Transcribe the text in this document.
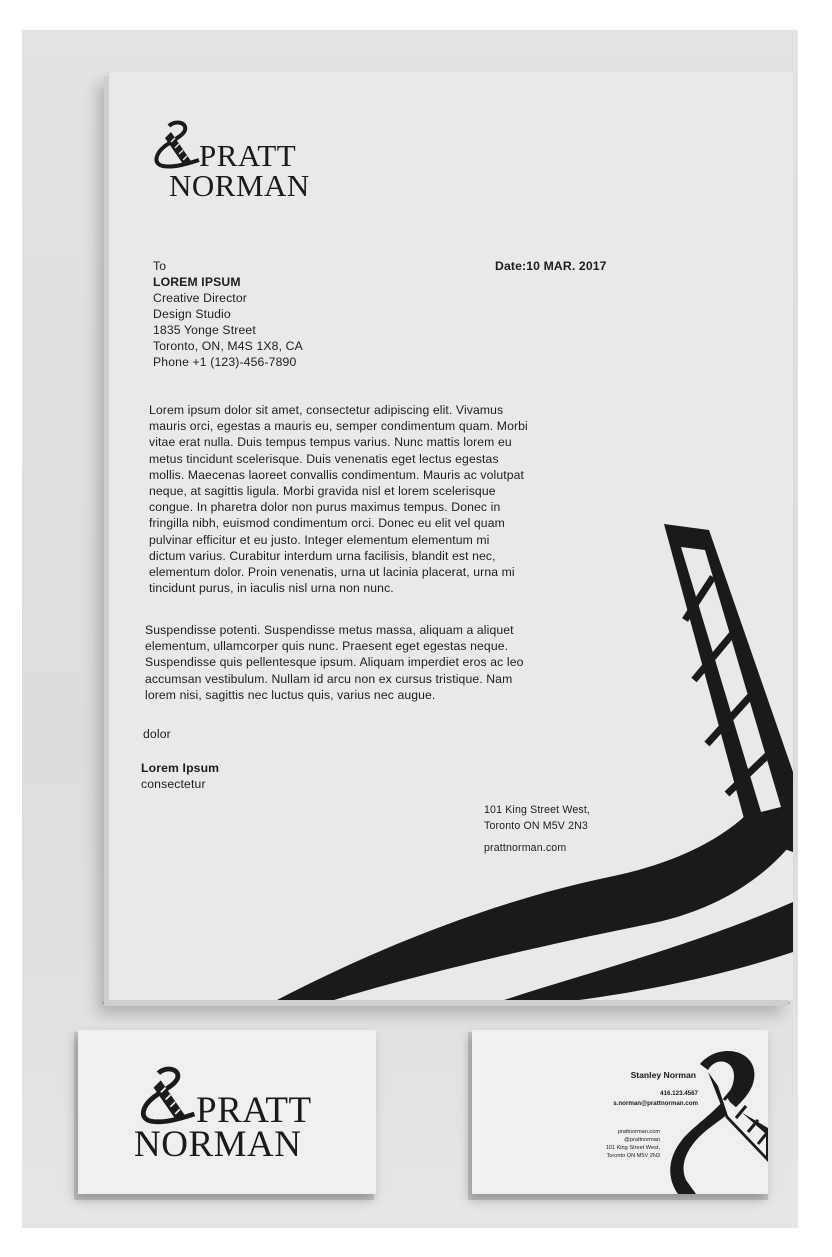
PRATT
NORMAN
To
LOREM IPSUM
Creative Director
Design Studio
1835 Yonge Street
Toronto, ON, M4S 1X8, CA
Phone +1 (123)-456-7890
Date:10 MAR. 2017
Lorem ipsum dolor sit amet, consectetur adipiscing elit. Vivamus
mauris orci, egestas a mauris eu, semper condimentum quam. Morbi
vitae erat nulla. Duis tempus tempus varius. Nunc mattis lorem eu
metus tincidunt scelerisque. Duis venenatis eget lectus egestas
mollis. Maecenas laoreet convallis condimentum. Mauris ac volutpat
neque, at sagittis ligula. Morbi gravida nisl et lorem scelerisque
congue. In pharetra dolor non purus maximus tempus. Donec in
fringilla nibh, euismod condimentum orci. Donec eu elit vel quam
pulvinar efficitur et eu justo. Integer elementum elementum mi
dictum varius. Curabitur interdum urna facilisis, blandit est nec,
elementum dolor. Proin venenatis, urna ut lacinia placerat, urna mi
tincidunt purus, in iaculis nisl urna non nunc.
Suspendisse potenti. Suspendisse metus massa, aliquam a aliquet
elementum, ullamcorper quis nunc. Praesent eget egestas neque.
Suspendisse quis pellentesque ipsum. Aliquam imperdiet eros ac leo
accumsan vestibulum. Nullam id arcu non ex cursus tristique. Nam
lorem nisi, sagittis nec luctus quis, varius nec augue.
dolor
Lorem Ipsum
consectetur
101 King Street West,
Toronto ON M5V 2N3
prattnorman.com
PRATT
NORMAN
Stanley Norman
416.123.4567
s.norman@prattnorman.com
prattnorman.com
@prattnorman
101 King Street West,
Toronto ON M5V 2N3
